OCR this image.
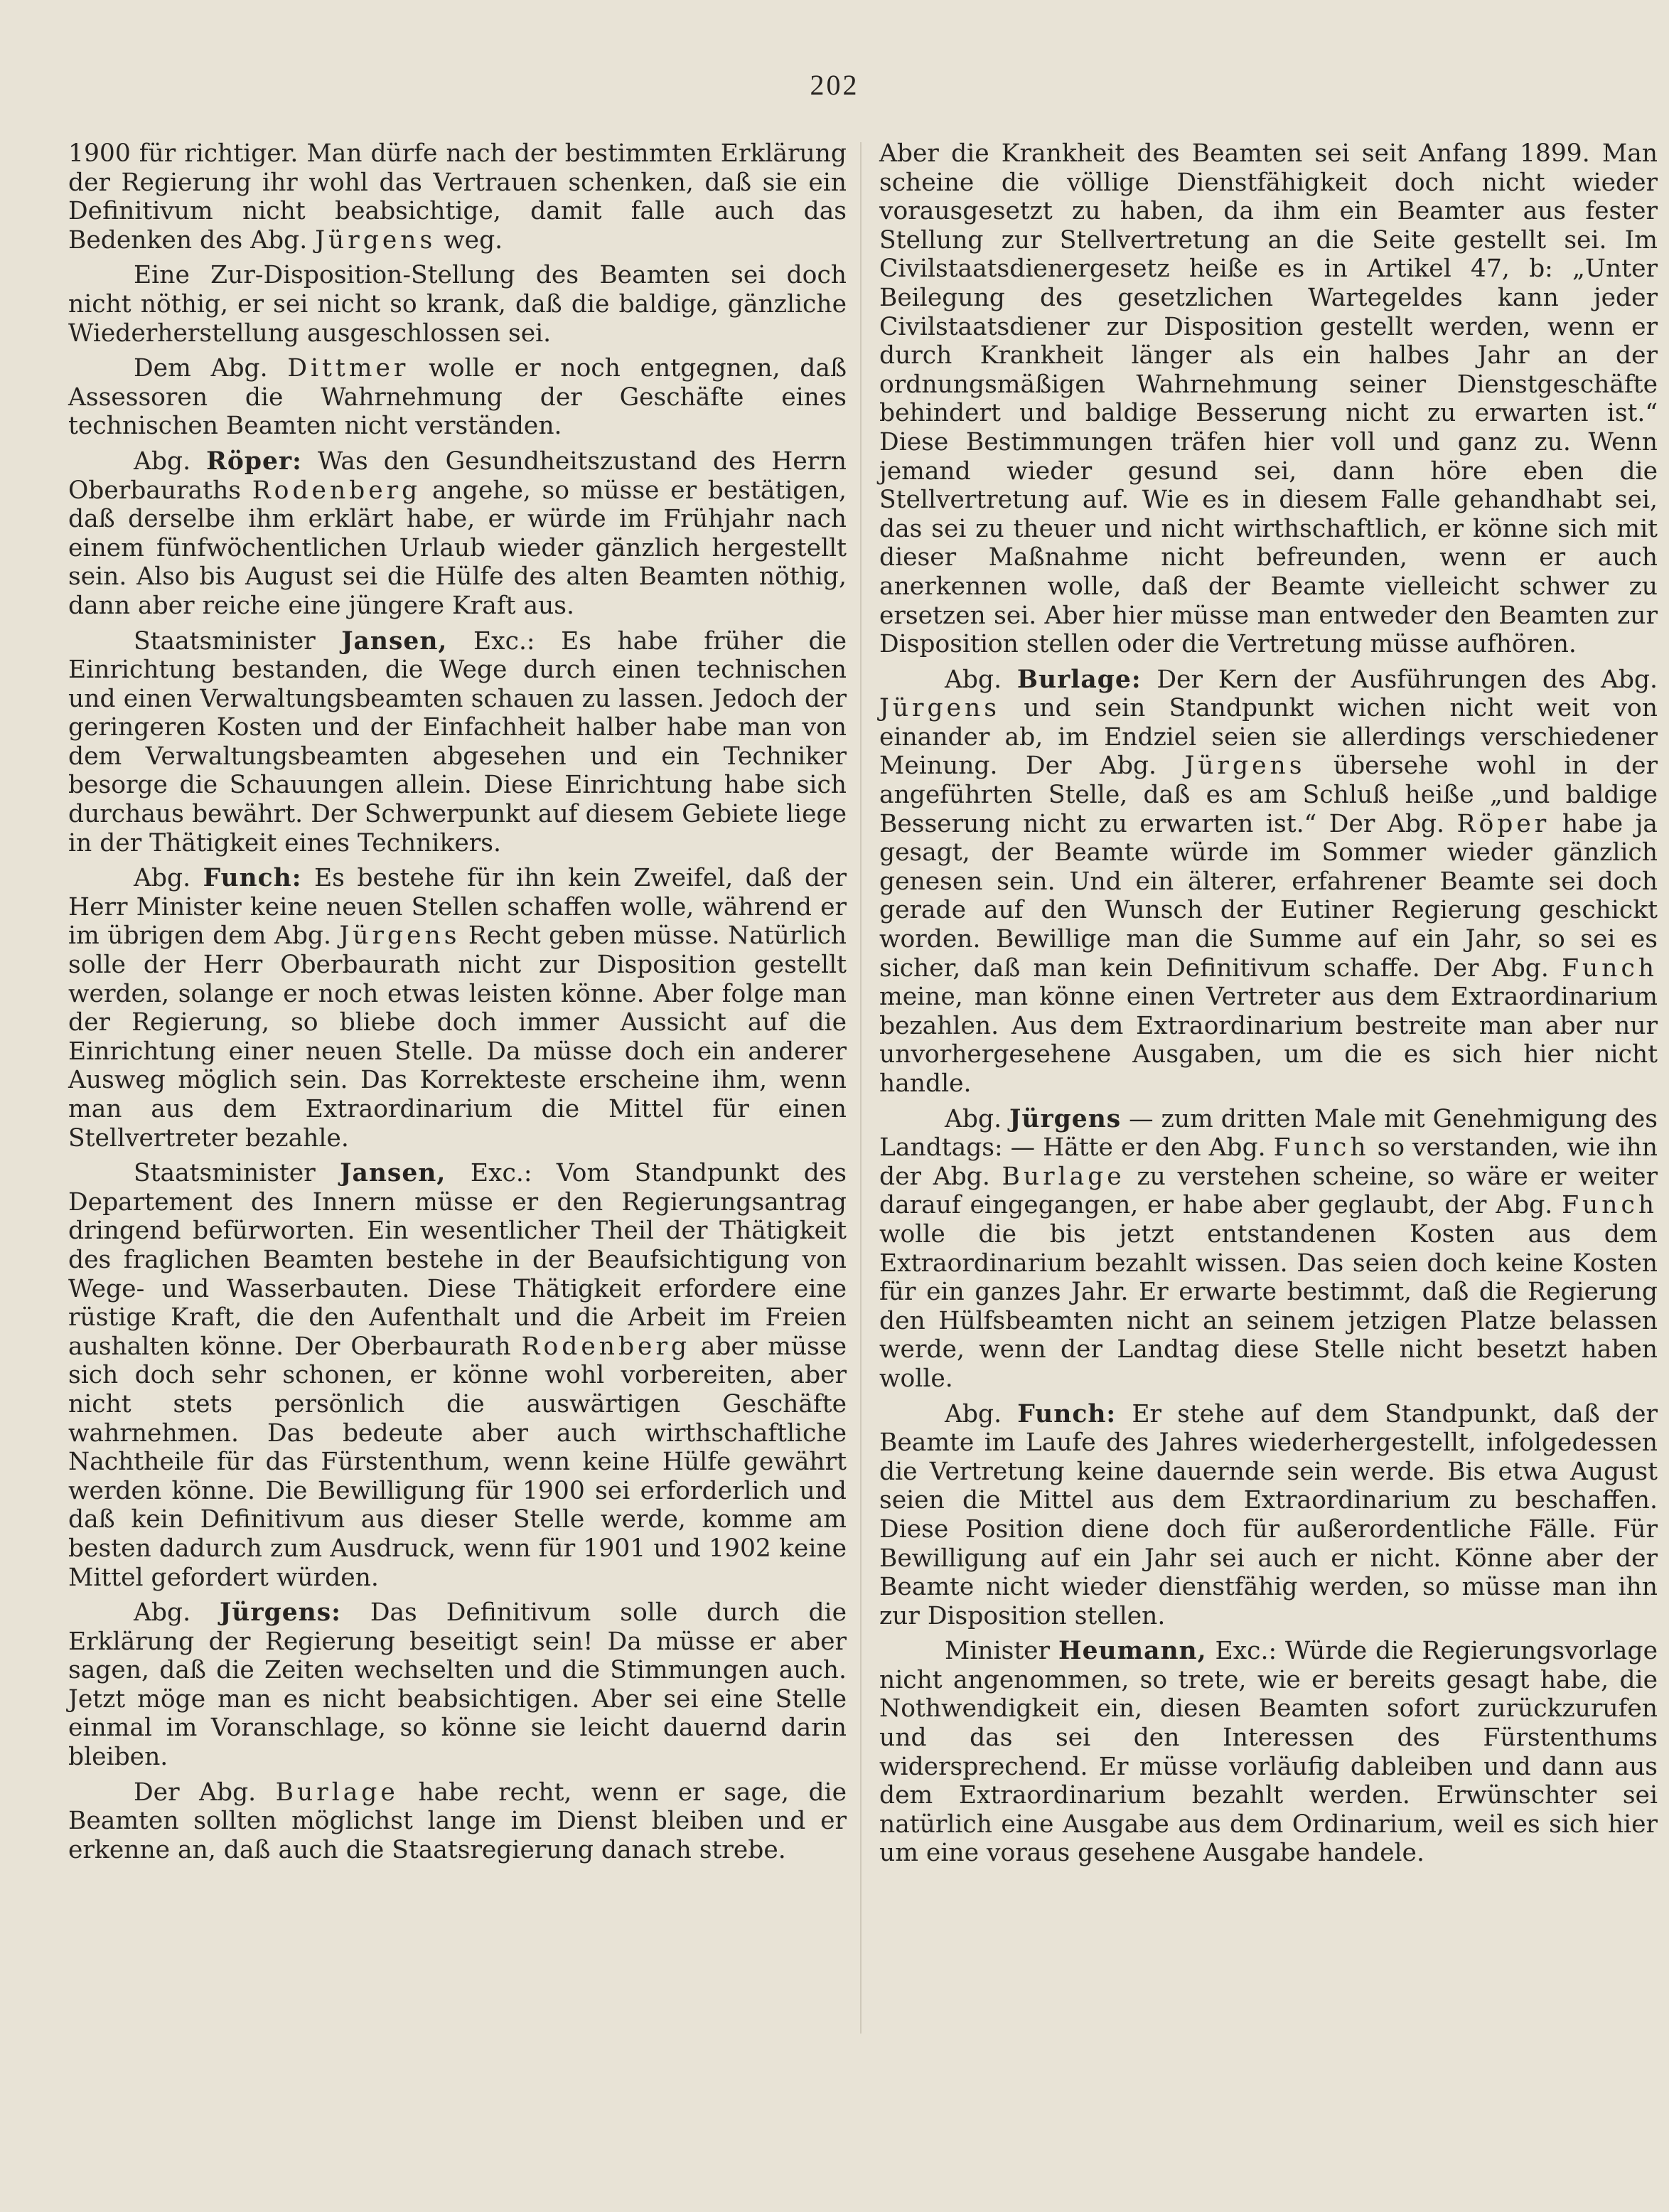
202

1900 für richtiger. Man dürfe nach der bestimmten Erklärung der Regierung ihr wohl das Vertrauen schenken, daß sie ein Definitivum nicht beabsichtige, damit falle auch das Bedenken des Abg. Jürgens weg.

Eine Zur-Disposition-Stellung des Beamten sei doch nicht nöthig, er sei nicht so krank, daß die baldige, gänzliche Wiederherstellung ausgeschlossen sei.

Dem Abg. Dittmer wolle er noch entgegnen, daß Assessoren die Wahrnehmung der Geschäfte eines technischen Beamten nicht verständen.

Abg. Röper: Was den Gesundheitszustand des Herrn Oberbauraths Rodenberg angehe, so müsse er bestätigen, daß derselbe ihm erklärt habe, er würde im Frühjahr nach einem fünfwöchentlichen Urlaub wieder gänzlich hergestellt sein. Also bis August sei die Hülfe des alten Beamten nöthig, dann aber reiche eine jüngere Kraft aus.

Staatsminister Jansen, Exc.: Es habe früher die Einrichtung bestanden, die Wege durch einen technischen und einen Verwaltungsbeamten schauen zu lassen. Jedoch der geringeren Kosten und der Einfachheit halber habe man von dem Verwaltungsbeamten abgesehen und ein Techniker besorge die Schauungen allein. Diese Einrichtung habe sich durchaus bewährt. Der Schwerpunkt auf diesem Gebiete liege in der Thätigkeit eines Technikers.

Abg. Funch: Es bestehe für ihn kein Zweifel, daß der Herr Minister keine neuen Stellen schaffen wolle, während er im übrigen dem Abg. Jürgens Recht geben müsse. Natürlich solle der Herr Oberbaurath nicht zur Disposition gestellt werden, solange er noch etwas leisten könne. Aber folge man der Regierung, so bliebe doch immer Aussicht auf die Einrichtung einer neuen Stelle. Da müsse doch ein anderer Ausweg möglich sein. Das Korrekteste erscheine ihm, wenn man aus dem Extraordinarium die Mittel für einen Stellvertreter bezahle.

Staatsminister Jansen, Exc.: Vom Standpunkt des Departement des Innern müsse er den Regierungsantrag dringend befürworten. Ein wesentlicher Theil der Thätigkeit des fraglichen Beamten bestehe in der Beaufsichtigung von Wege- und Wasserbauten. Diese Thätigkeit erfordere eine rüstige Kraft, die den Aufenthalt und die Arbeit im Freien aushalten könne. Der Oberbaurath Rodenberg aber müsse sich doch sehr schonen, er könne wohl vorbereiten, aber nicht stets persönlich die auswärtigen Geschäfte wahrnehmen. Das bedeute aber auch wirthschaftliche Nachtheile für das Fürstenthum, wenn keine Hülfe gewährt werden könne. Die Bewilligung für 1900 sei erforderlich und daß kein Definitivum aus dieser Stelle werde, komme am besten dadurch zum Ausdruck, wenn für 1901 und 1902 keine Mittel gefordert würden.

Abg. Jürgens: Das Definitivum solle durch die Erklärung der Regierung beseitigt sein! Da müsse er aber sagen, daß die Zeiten wechselten und die Stimmungen auch. Jetzt möge man es nicht beabsichtigen. Aber sei eine Stelle einmal im Voranschlage, so könne sie leicht dauernd darin bleiben.

Der Abg. Burlage habe recht, wenn er sage, die Beamten sollten möglichst lange im Dienst bleiben und er erkenne an, daß auch die Staatsregierung danach strebe.

Aber die Krankheit des Beamten sei seit Anfang 1899. Man scheine die völlige Dienstfähigkeit doch nicht wieder vorausgesetzt zu haben, da ihm ein Beamter aus fester Stellung zur Stellvertretung an die Seite gestellt sei. Im Civilstaatsdienergesetz heiße es in Artikel 47, b: „Unter Beilegung des gesetzlichen Wartegeldes kann jeder Civilstaatsdiener zur Disposition gestellt werden, wenn er durch Krankheit länger als ein halbes Jahr an der ordnungsmäßigen Wahrnehmung seiner Dienstgeschäfte behindert und baldige Besserung nicht zu erwarten ist.“ Diese Bestimmungen träfen hier voll und ganz zu. Wenn jemand wieder gesund sei, dann höre eben die Stellvertretung auf. Wie es in diesem Falle gehandhabt sei, das sei zu theuer und nicht wirthschaftlich, er könne sich mit dieser Maßnahme nicht befreunden, wenn er auch anerkennen wolle, daß der Beamte vielleicht schwer zu ersetzen sei. Aber hier müsse man entweder den Beamten zur Disposition stellen oder die Vertretung müsse aufhören.

Abg. Burlage: Der Kern der Ausführungen des Abg. Jürgens und sein Standpunkt wichen nicht weit von einander ab, im Endziel seien sie allerdings verschiedener Meinung. Der Abg. Jürgens übersehe wohl in der angeführten Stelle, daß es am Schluß heiße „und baldige Besserung nicht zu erwarten ist.“ Der Abg. Röper habe ja gesagt, der Beamte würde im Sommer wieder gänzlich genesen sein. Und ein älterer, erfahrener Beamte sei doch gerade auf den Wunsch der Eutiner Regierung geschickt worden. Bewillige man die Summe auf ein Jahr, so sei es sicher, daß man kein Definitivum schaffe. Der Abg. Funch meine, man könne einen Vertreter aus dem Extraordinarium bezahlen. Aus dem Extraordinarium bestreite man aber nur unvorhergesehene Ausgaben, um die es sich hier nicht handle.

Abg. Jürgens — zum dritten Male mit Genehmigung des Landtags: — Hätte er den Abg. Funch so verstanden, wie ihn der Abg. Burlage zu verstehen scheine, so wäre er weiter darauf eingegangen, er habe aber geglaubt, der Abg. Funch wolle die bis jetzt entstandenen Kosten aus dem Extraordinarium bezahlt wissen. Das seien doch keine Kosten für ein ganzes Jahr. Er erwarte bestimmt, daß die Regierung den Hülfsbeamten nicht an seinem jetzigen Platze belassen werde, wenn der Landtag diese Stelle nicht besetzt haben wolle.

Abg. Funch: Er stehe auf dem Standpunkt, daß der Beamte im Laufe des Jahres wiederhergestellt, infolgedessen die Vertretung keine dauernde sein werde. Bis etwa August seien die Mittel aus dem Extraordinarium zu beschaffen. Diese Position diene doch für außerordentliche Fälle. Für Bewilligung auf ein Jahr sei auch er nicht. Könne aber der Beamte nicht wieder dienstfähig werden, so müsse man ihn zur Disposition stellen.

Minister Heumann, Exc.: Würde die Regierungsvorlage nicht angenommen, so trete, wie er bereits gesagt habe, die Nothwendigkeit ein, diesen Beamten sofort zurückzurufen und das sei den Interessen des Fürstenthums widersprechend. Er müsse vorläufig dableiben und dann aus dem Extraordinarium bezahlt werden. Erwünschter sei natürlich eine Ausgabe aus dem Ordinarium, weil es sich hier um eine voraus gesehene Ausgabe handele.
